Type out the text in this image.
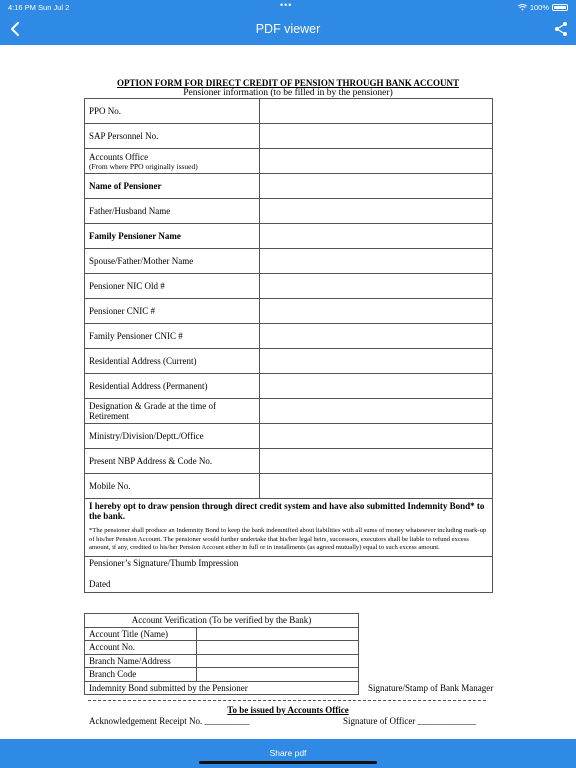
4:16 PM Sun Jul 2	•••	100%
PDF viewer
OPTION FORM FOR DIRECT CREDIT OF PENSION THROUGH BANK ACCOUNT
Pensioner information (to be filled in by the pensioner)
PPO No.	
SAP Personnel No.	
Accounts Office
(From where PPO originally issued)	

Name of Pensioner	
Father/Husband Name	
Family Pensioner Name	
Spouse/Father/Mother Name	
Pensioner NIC Old #	
Pensioner CNIC #	
Family Pensioner CNIC #	
Residential Address (Current)	
Residential Address (Permanent)	
Designation & Grade at the time of Retirement	
Ministry/Division/Deptt./Office	
Present NBP Address & Code No.	
Mobile No.	

I hereby opt to draw pension through direct credit system and have also submitted Indemnity Bond* to the bank.
*The pensioner shall produce an Indemnity Bond to keep the bank indemnified about liabilities with all sums of money whatsoever including mark-up of his/her Pension Account. The pensioner would further undertake that his/her legal heirs, successors, executors shall be liable to refund excess amount, if any, credited to his/her Pension Account either in full or in installments (as agreed mutually) equal to such excess amount.	

Pensioner’s Signature/Thumb Impression
Dated	
Account Verification (To be verified by the Bank)	
Account Title (Name)	
Account No.	
Branch Name/Address	
Branch Code	
Indemnity Bond submitted by the Pensioner		Signature/Stamp of Bank Manager
To be issued by Accounts Office
Acknowledgement Receipt No. __________	Signature of Officer _____________
Share pdf
